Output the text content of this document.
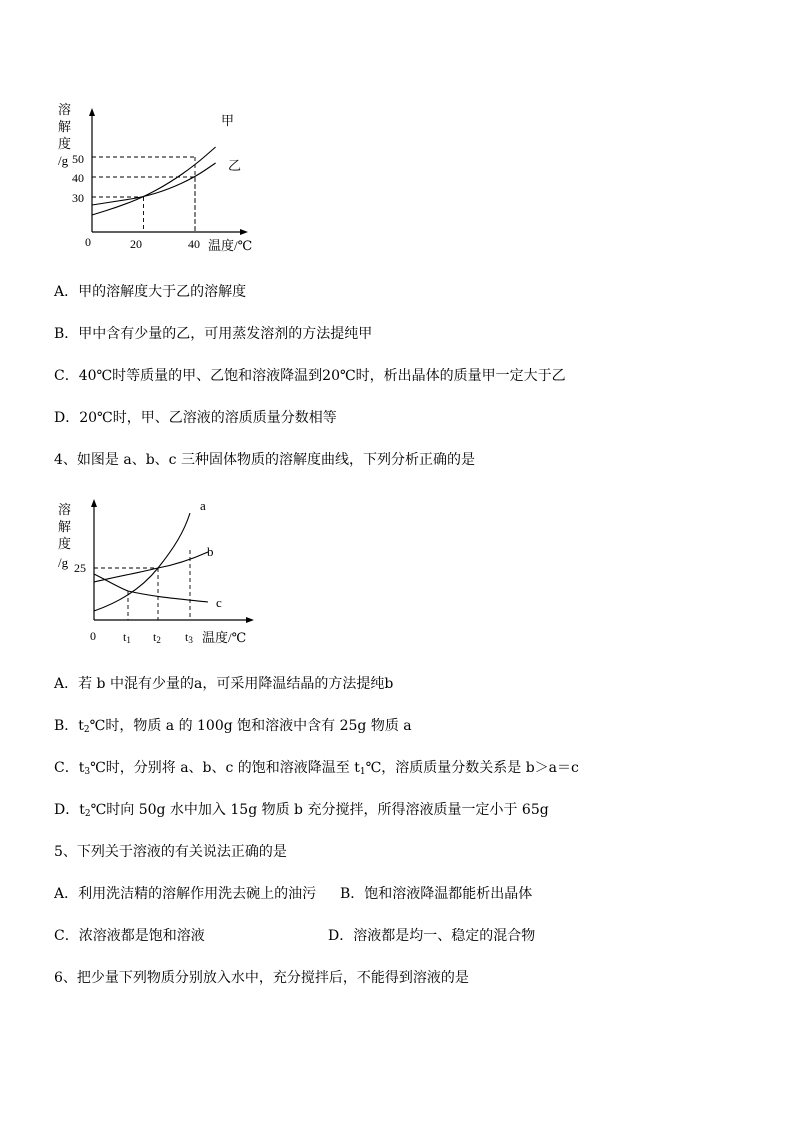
溶
解
度
/g 50
40
30
0	20	40 温度/℃
甲
乙
A．甲的溶解度大于乙的溶解度
B．甲中含有少量的乙，可用蒸发溶剂的方法提纯甲
C．40℃时等质量的甲、乙饱和溶液降温到20℃时，析出晶体的质量甲一定大于乙
D．20℃时，甲、乙溶液的溶质质量分数相等
4、如图是 a、b、c 三种固体物质的溶解度曲线，下列分析正确的是
溶
解
度
/g 25
0 t1 t2 t3 温度/℃
a
b
c
A．若 b 中混有少量的a，可采用降温结晶的方法提纯b
B．$t_2℃$时，物质 a 的 100g 饱和溶液中含有 25g 物质 a
C．$t_3℃$时，分别将 a、b、c 的饱和溶液降温至 $t_1℃$，溶质质量分数关系是 b＞a＝c
D．$t_2℃$时向 50g 水中加入 15g 物质 b 充分搅拌，所得溶液质量一定小于 65g
5、下列关于溶液的有关说法正确的是
A．利用洗洁精的溶解作用洗去碗上的油污 B．饱和溶液降温都能析出晶体
C．浓溶液都是饱和溶液	D．溶液都是均一、稳定的混合物
6、把少量下列物质分别放入水中，充分搅拌后，不能得到溶液的是
